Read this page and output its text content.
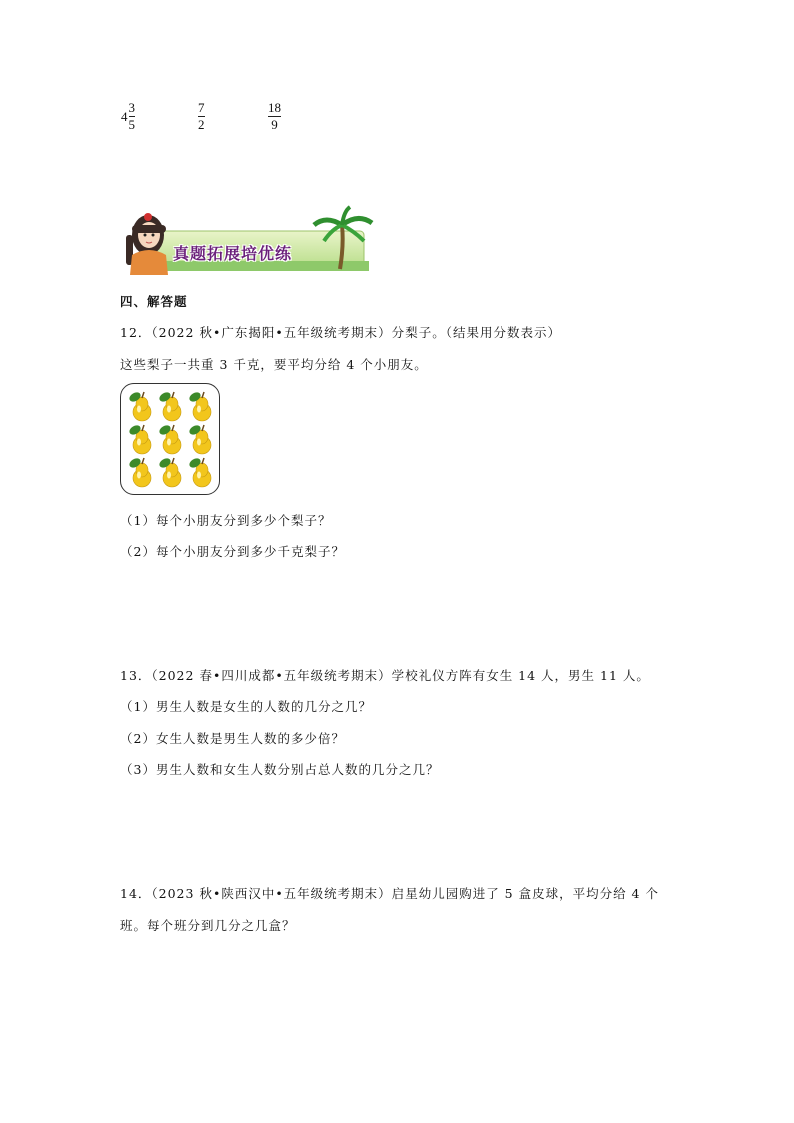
$4 \frac{3}{5}$	$\frac{7}{2}$	$\frac{18}{9}$
真题拓展培优练
四、解答题
12．（2022 秋•广东揭阳•五年级统考期末）分梨子。（结果用分数表示）
这些梨子一共重 3 千克，要平均分给 4 个小朋友。
（1）每个小朋友分到多少个梨子？
（2）每个小朋友分到多少千克梨子？
13．（2022 春•四川成都•五年级统考期末）学校礼仪方阵有女生 14 人，男生 11 人。
（1）男生人数是女生的人数的几分之几？
（2）女生人数是男生人数的多少倍？
（3）男生人数和女生人数分别占总人数的几分之几？
14．（2023 秋•陕西汉中•五年级统考期末）启星幼儿园购进了 5 盒皮球，平均分给 4 个
班。每个班分到几分之几盒？
